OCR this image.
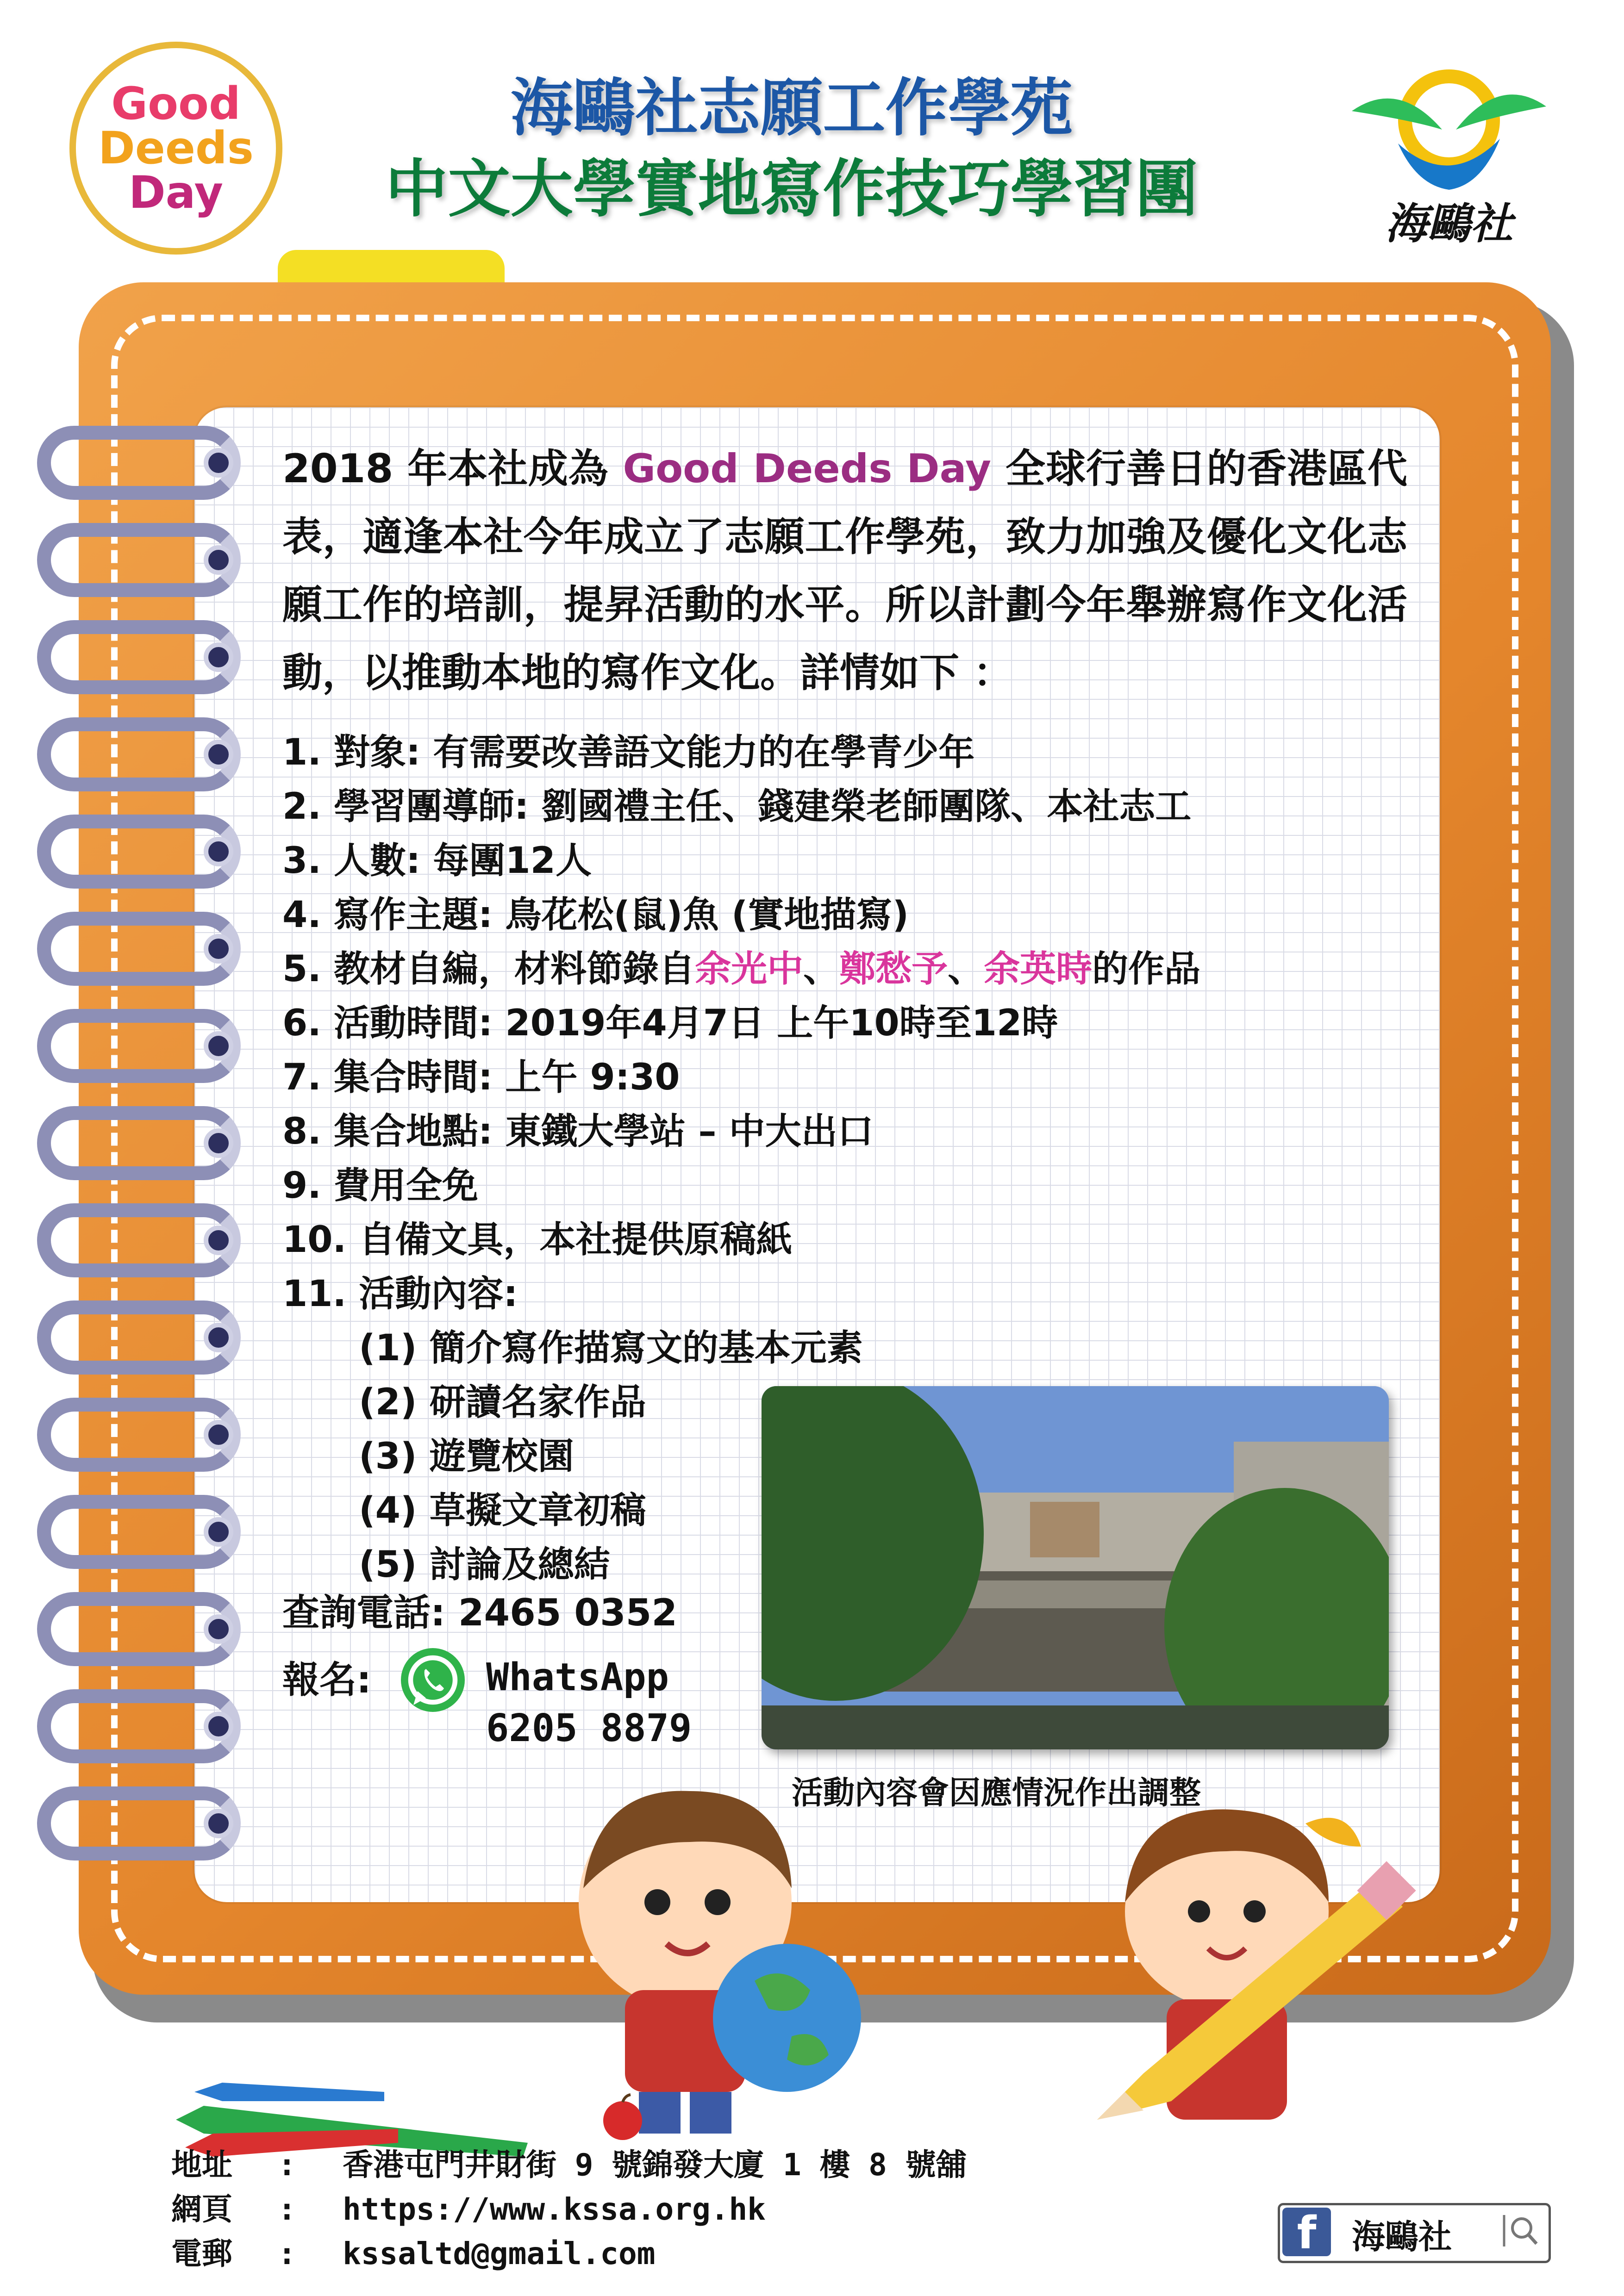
Good
Deeds
Day
海鷗社志願工作學苑
中文大學實地寫作技巧學習團	海鷗社
2018 年本社成為 Good Deeds Day 全球行善日的香港區代表，適逢本社今年成立了志願工作學苑，致力加強及優化文化志願工作的培訓，提昇活動的水平。所以計劃今年舉辦寫作文化活動，以推動本地的寫作文化。詳情如下 ：
1. 對象: 有需要改善語文能力的在學青少年
2. 學習團導師: 劉國禮主任、錢建榮老師團隊、本社志工
3. 人數: 每團12人
4. 寫作主題: 鳥花松(鼠)魚 (實地描寫)
5. 教材自編，材料節錄自余光中、鄭愁予、余英時的作品
6. 活動時間: 2019年4月7日 上午10時至12時
7. 集合時間: 上午 9:30
8. 集合地點: 東鐵大學站 – 中大出口
9. 費用全免
10. 自備文具，本社提供原稿紙
11. 活動內容:
(1) 簡介寫作描寫文的基本元素
(2) 研讀名家作品
(3) 遊覽校園
(4) 草擬文章初稿
(5) 討論及總結
查詢電話: 2465 0352
報名:	WhatsApp
6205 8879
活動內容會因應情況作出調整
地址 : 香港屯門井財街 9 號錦發大廈 1 樓 8 號舖
網頁 : https://www.kssa.org.hk
電郵 : kssaltd@gmail.com	f	海鷗社
